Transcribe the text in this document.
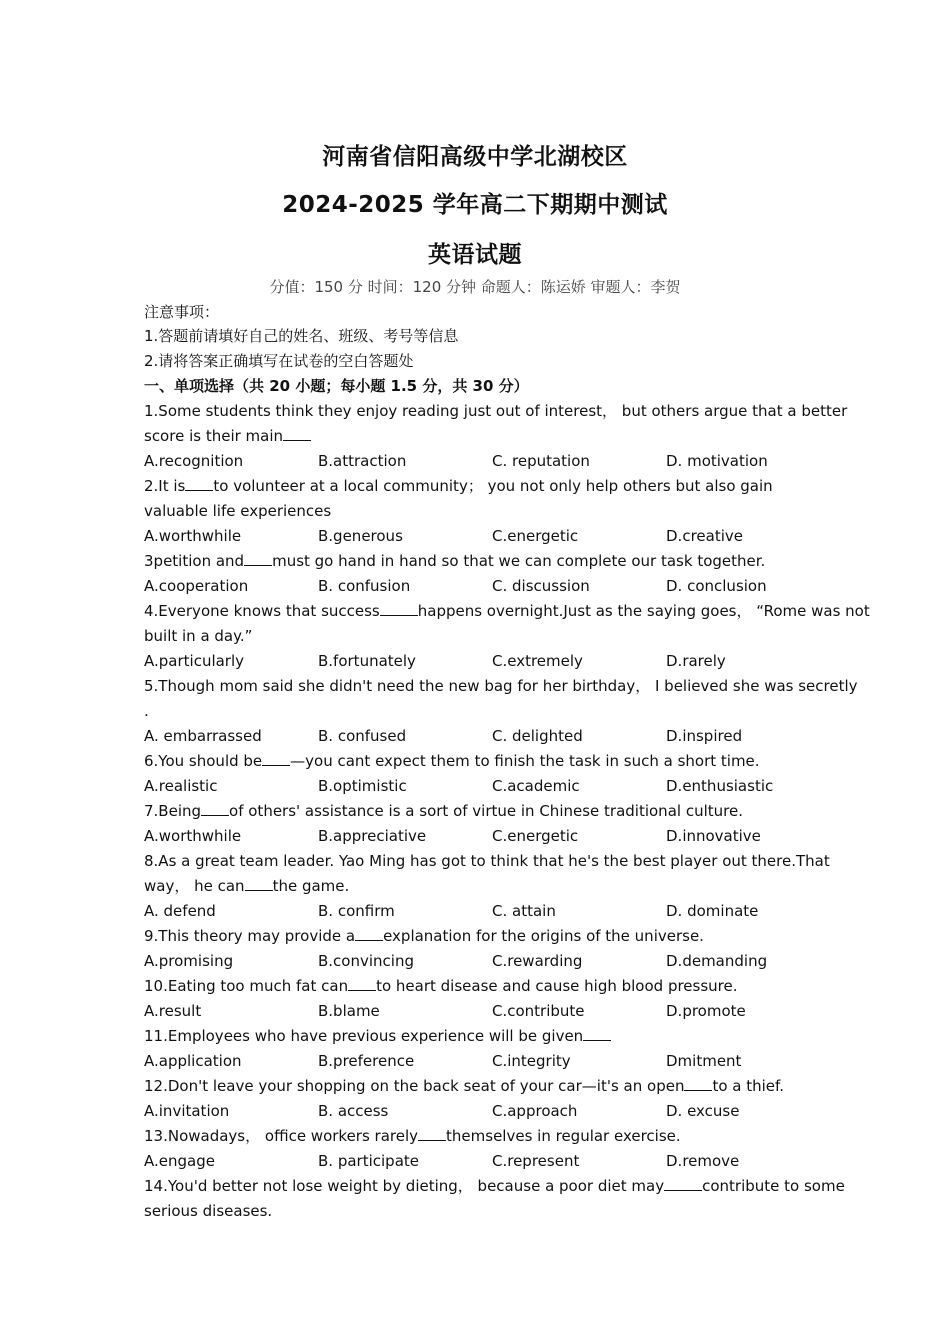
河南省信阳高级中学北湖校区
2024-2025 学年高二下期期中测试
英语试题
分值：150 分 时间：120 分钟 命题人：陈运娇 审题人：李贺
注意事项：
1.答题前请填好自己的姓名、班级、考号等信息
2.请将答案正确填写在试卷的空白答题处
一、单项选择（共 20 小题；每小题 1.5 分，共 30 分）
1.Some students think they enjoy reading just out of interest， but others argue that a better
score is their main
A.recognition	B.attraction	C. reputation	D. motivation
2.It is to volunteer at a local community； you not only help others but also gain
valuable life experiences
A.worthwhile	B.generous	C.energetic	D.creative
3petition and must go hand in hand so that we can complete our task together.
A.cooperation	B. confusion	C. discussion	D. conclusion
4.Everyone knows that success	happens overnight.Just as the saying goes， “Rome was not
built in a day.”
A.particularly	B.fortunately	C.extremely	D.rarely
5.Though mom said she didn't need the new bag for her birthday， I believed she was secretly
.
A. embarrassed	B. confused	C. delighted	D.inspired
6.You should be —you cant expect them to finish the task in such a short time.
A.realistic	B.optimistic	C.academic	D.enthusiastic
7.Being of others' assistance is a sort of virtue in Chinese traditional culture.
A.worthwhile	B.appreciative	C.energetic	D.innovative
8.As a great team leader. Yao Ming has got to think that he's the best player out there.That
way， he can the game.
A. defend	B. confirm	C. attain	D. dominate
9.This theory may provide a explanation for the origins of the universe.
A.promising	B.convincing	C.rewarding	D.demanding
10.Eating too much fat can to heart disease and cause high blood pressure.
A.result	B.blame	C.contribute	D.promote
11.Employees who have previous experience will be given
A.application	B.preference	C.integrity	Dmitment
12.Don't leave your shopping on the back seat of your car—it's an open to a thief.
A.invitation	B. access	C.approach	D. excuse
13.Nowadays， office workers rarely themselves in regular exercise.
A.engage	B. participate	C.represent	D.remove
14.You'd better not lose weight by dieting， because a poor diet may	contribute to some
serious diseases.
